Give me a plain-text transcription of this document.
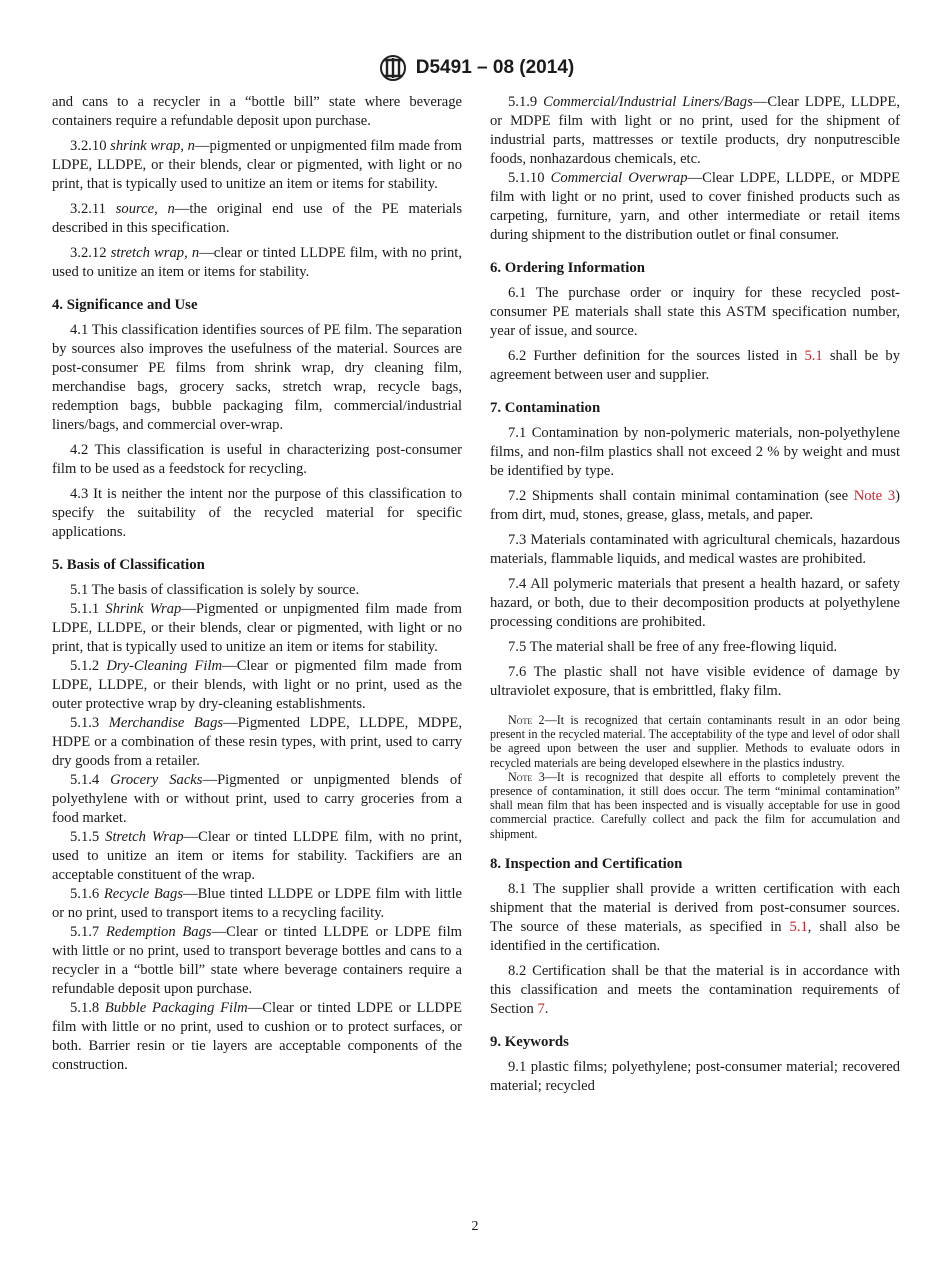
D5491 – 08 (2014)
and cans to a recycler in a “bottle bill” state where beverage containers require a refundable deposit upon purchase.
3.2.10 shrink wrap, n—pigmented or unpigmented film made from LDPE, LLDPE, or their blends, clear or pigmented, with light or no print, that is typically used to unitize an item or items for stability.
3.2.11 source, n—the original end use of the PE materials described in this specification.
3.2.12 stretch wrap, n—clear or tinted LLDPE film, with no print, used to unitize an item or items for stability.
4. Significance and Use
4.1 This classification identifies sources of PE film. The separation by sources also improves the usefulness of the material. Sources are post-consumer PE films from shrink wrap, dry cleaning film, merchandise bags, grocery sacks, stretch wrap, recycle bags, redemption bags, bubble packaging film, commercial/industrial liners/bags, and commercial over-wrap.
4.2 This classification is useful in characterizing post-consumer film to be used as a feedstock for recycling.
4.3 It is neither the intent nor the purpose of this classification to specify the suitability of the recycled material for specific applications.
5. Basis of Classification
5.1 The basis of classification is solely by source.
5.1.1 Shrink Wrap—Pigmented or unpigmented film made from LDPE, LLDPE, or their blends, clear or pigmented, with light or no print, that is typically used to unitize an item or items for stability.
5.1.2 Dry-Cleaning Film—Clear or pigmented film made from LDPE, LLDPE, or their blends, with light or no print, used as the outer protective wrap by dry-cleaning establishments.
5.1.3 Merchandise Bags—Pigmented LDPE, LLDPE, MDPE, HDPE or a combination of these resin types, with print, used to carry dry goods from a retailer.
5.1.4 Grocery Sacks—Pigmented or unpigmented blends of polyethylene with or without print, used to carry groceries from a food market.
5.1.5 Stretch Wrap—Clear or tinted LLDPE film, with no print, used to unitize an item or items for stability. Tackifiers are an acceptable constituent of the wrap.
5.1.6 Recycle Bags—Blue tinted LLDPE or LDPE film with little or no print, used to transport items to a recycling facility.
5.1.7 Redemption Bags—Clear or tinted LLDPE or LDPE film with little or no print, used to transport beverage bottles and cans to a recycler in a “bottle bill” state where beverage containers require a refundable deposit upon purchase.
5.1.8 Bubble Packaging Film—Clear or tinted LDPE or LLDPE film with little or no print, used to cushion or to protect surfaces, or both. Barrier resin or tie layers are acceptable components of the construction.
5.1.9 Commercial/Industrial Liners/Bags—Clear LDPE, LLDPE, or MDPE film with light or no print, used for the shipment of industrial parts, mattresses or textile products, dry nonputrescible foods, nonhazardous chemicals, etc.
5.1.10 Commercial Overwrap—Clear LDPE, LLDPE, or MDPE film with light or no print, used to cover finished products such as carpeting, furniture, yarn, and other intermediate or retail items during shipment to the distribution outlet or final consumer.
6. Ordering Information
6.1 The purchase order or inquiry for these recycled post-consumer PE materials shall state this ASTM specification number, year of issue, and source.
6.2 Further definition for the sources listed in 5.1 shall be by agreement between user and supplier.
7. Contamination
7.1 Contamination by non-polymeric materials, non-polyethylene films, and non-film plastics shall not exceed 2 % by weight and must be identified by type.
7.2 Shipments shall contain minimal contamination (see Note 3) from dirt, mud, stones, grease, glass, metals, and paper.
7.3 Materials contaminated with agricultural chemicals, hazardous materials, flammable liquids, and medical wastes are prohibited.
7.4 All polymeric materials that present a health hazard, or safety hazard, or both, due to their decomposition products at polyethylene processing conditions are prohibited.
7.5 The material shall be free of any free-flowing liquid.
7.6 The plastic shall not have visible evidence of damage by ultraviolet exposure, that is embrittled, flaky film.
Note 2—It is recognized that certain contaminants result in an odor being present in the recycled material. The acceptability of the type and level of odor shall be agreed upon between the user and supplier. Methods to evaluate odors in recycled materials are being developed elsewhere in the plastics industry.
Note 3—It is recognized that despite all efforts to completely prevent the presence of contamination, it still does occur. The term “minimal contamination” shall mean film that has been inspected and is visually acceptable for use in good commercial practice. Carefully collect and pack the film for accumulation and shipment.
8. Inspection and Certification
8.1 The supplier shall provide a written certification with each shipment that the material is derived from post-consumer sources. The source of these materials, as specified in 5.1, shall also be identified in the certification.
8.2 Certification shall be that the material is in accordance with this classification and meets the contamination requirements of Section 7.
9. Keywords
9.1 plastic films; polyethylene; post-consumer material; recovered material; recycled
2
